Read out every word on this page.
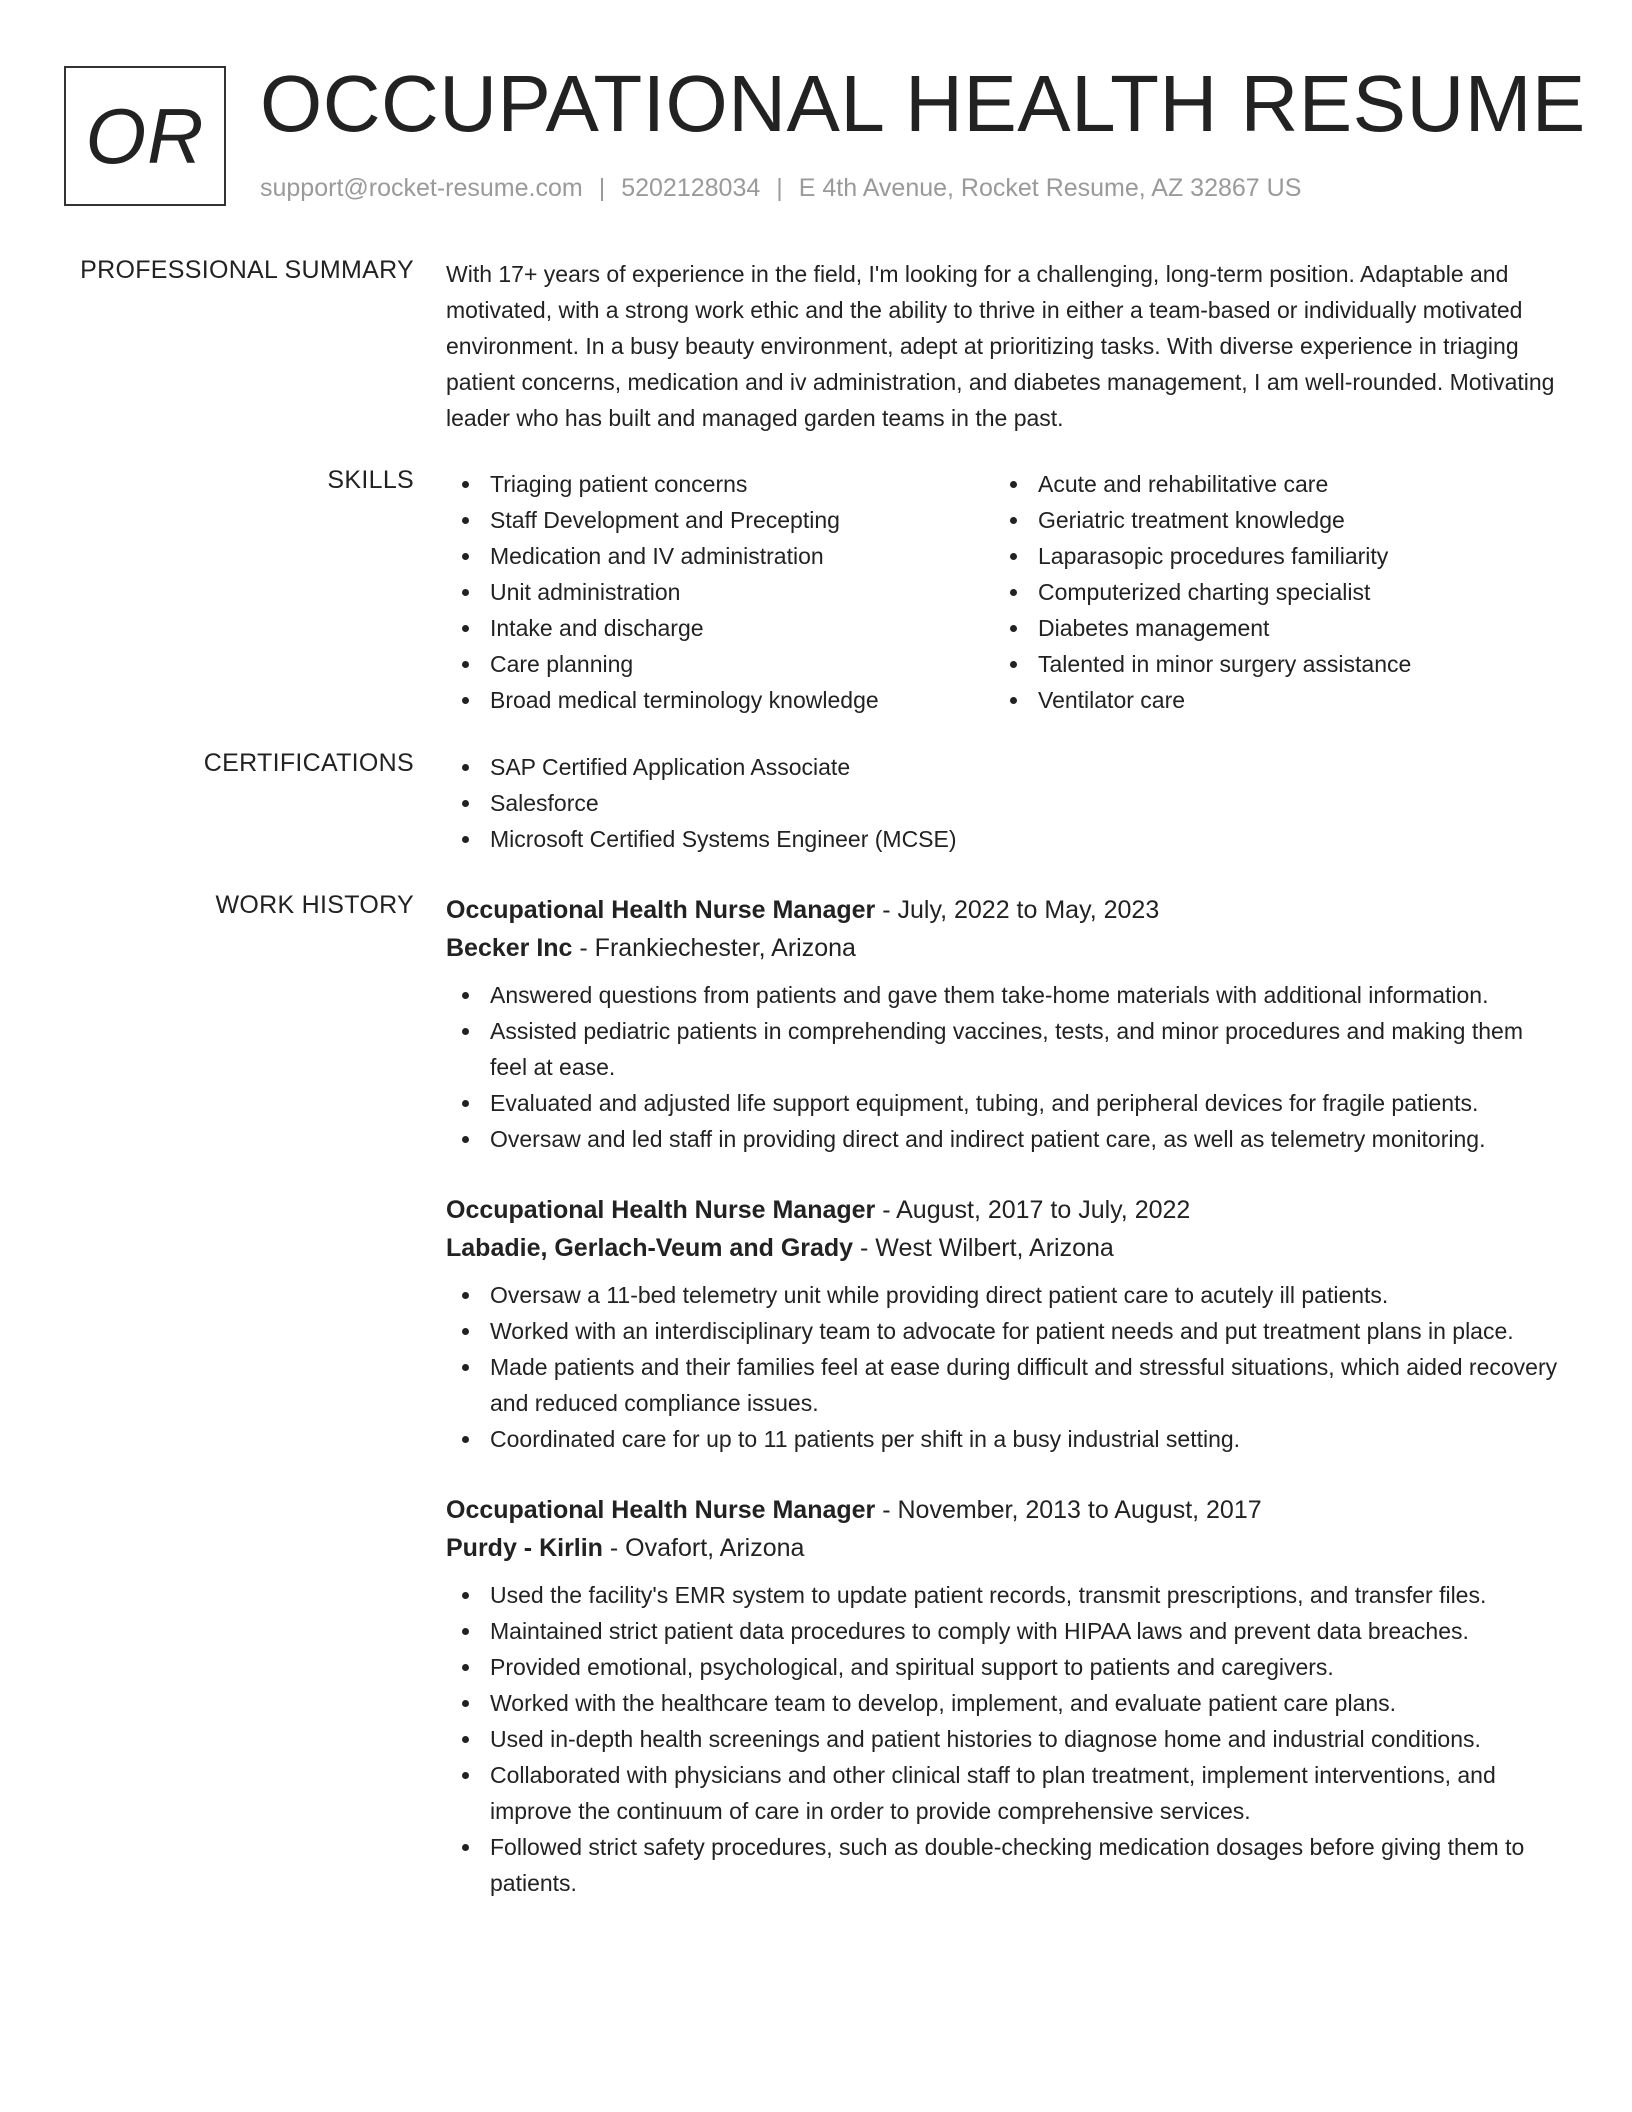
OR OCCUPATIONAL HEALTH RESUME
support@rocket-resume.com | 5202128034 | E 4th Avenue, Rocket Resume, AZ 32867 US
PROFESSIONAL SUMMARY With 17+ years of experience in the field, I'm looking for a challenging, long-term position. Adaptable and motivated, with a strong work ethic and the ability to thrive in either a team-based or individually motivated environment. In a busy beauty environment, adept at prioritizing tasks. With diverse experience in triaging patient concerns, medication and iv administration, and diabetes management, I am well-rounded. Motivating leader who has built and managed garden teams in the past.

SKILLS	Triaging patient concerns
Staff Development and Precepting
Medication and IV administration
Unit administration
Intake and discharge
Care planning
Broad medical terminology knowledge
Acute and rehabilitative care
Geriatric treatment knowledge
Laparasopic procedures familiarity
Computerized charting specialist
Diabetes management
Talented in minor surgery assistance
Ventilator care
CERTIFICATIONS	SAP Certified Application Associate
Salesforce
Microsoft Certified Systems Engineer (MCSE)
WORK HISTORY Occupational Health Nurse Manager - July, 2022 to May, 2023
Becker Inc - Frankiechester, Arizona
Answered questions from patients and gave them take-home materials with additional information.
Assisted pediatric patients in comprehending vaccines, tests, and minor procedures and making them feel at ease.
Evaluated and adjusted life support equipment, tubing, and peripheral devices for fragile patients.
Oversaw and led staff in providing direct and indirect patient care, as well as telemetry monitoring.
Occupational Health Nurse Manager - August, 2017 to July, 2022
Labadie, Gerlach-Veum and Grady - West Wilbert, Arizona
Oversaw a 11-bed telemetry unit while providing direct patient care to acutely ill patients.
Worked with an interdisciplinary team to advocate for patient needs and put treatment plans in place.
Made patients and their families feel at ease during difficult and stressful situations, which aided recovery and reduced compliance issues.
Coordinated care for up to 11 patients per shift in a busy industrial setting.
Occupational Health Nurse Manager - November, 2013 to August, 2017
Purdy - Kirlin - Ovafort, Arizona
Used the facility's EMR system to update patient records, transmit prescriptions, and transfer files.
Maintained strict patient data procedures to comply with HIPAA laws and prevent data breaches.
Provided emotional, psychological, and spiritual support to patients and caregivers.
Worked with the healthcare team to develop, implement, and evaluate patient care plans.
Used in-depth health screenings and patient histories to diagnose home and industrial conditions.
Collaborated with physicians and other clinical staff to plan treatment, implement interventions, and improve the continuum of care in order to provide comprehensive services.
Followed strict safety procedures, such as double-checking medication dosages before giving them to patients.
